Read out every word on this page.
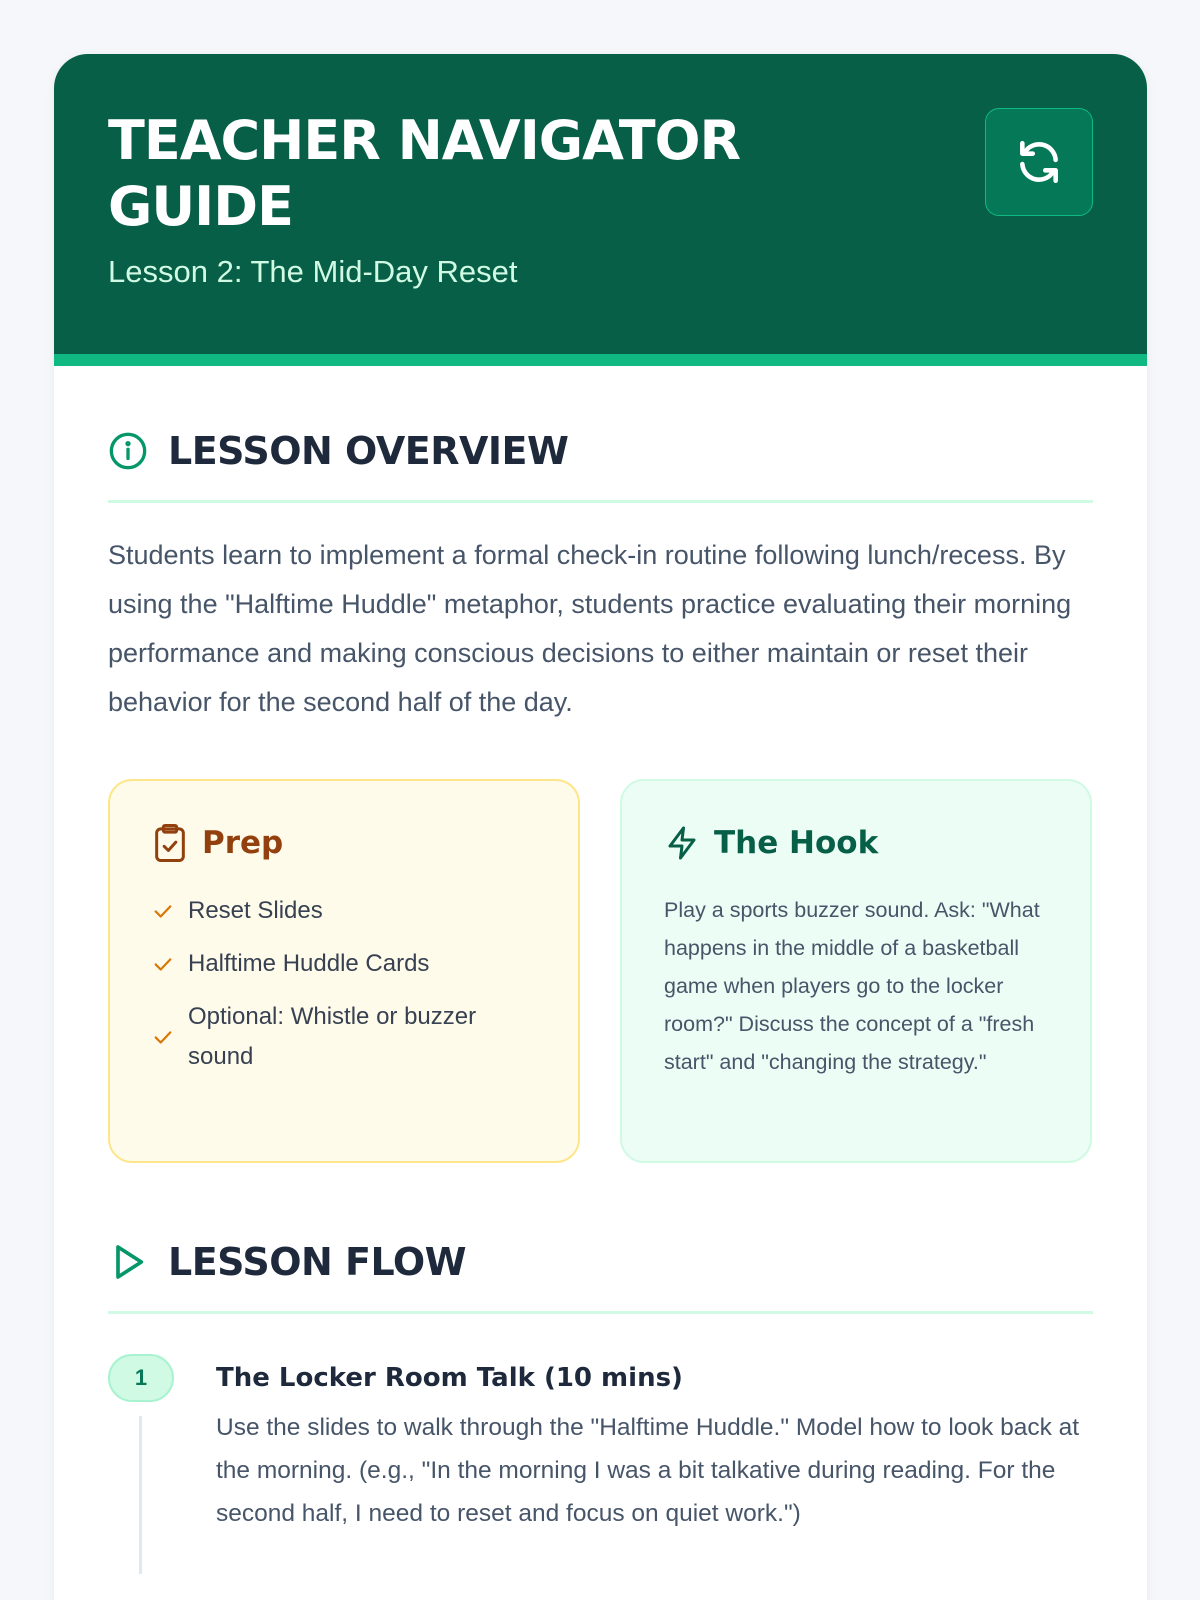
TEACHER NAVIGATOR GUIDE
Lesson 2: The Mid-Day Reset
LESSON OVERVIEW

Students learn to implement a formal check-in routine following lunch/recess. By using the "Halftime Huddle" metaphor, students practice evaluating their morning performance and making conscious decisions to either maintain or reset their behavior for the second half of the day.

Prep
Reset Slides
Halftime Huddle Cards
Optional: Whistle or buzzer sound
The Hook

Play a sports buzzer sound. Ask: "What happens in the middle of a basketball game when players go to the locker room?" Discuss the concept of a "fresh start" and "changing the strategy."

LESSON FLOW
1	The Locker Room Talk (10 mins)

Use the slides to walk through the "Halftime Huddle." Model how to look back at the morning. (e.g., "In the morning I was a bit talkative during reading. For the second half, I need to reset and focus on quiet work.")
